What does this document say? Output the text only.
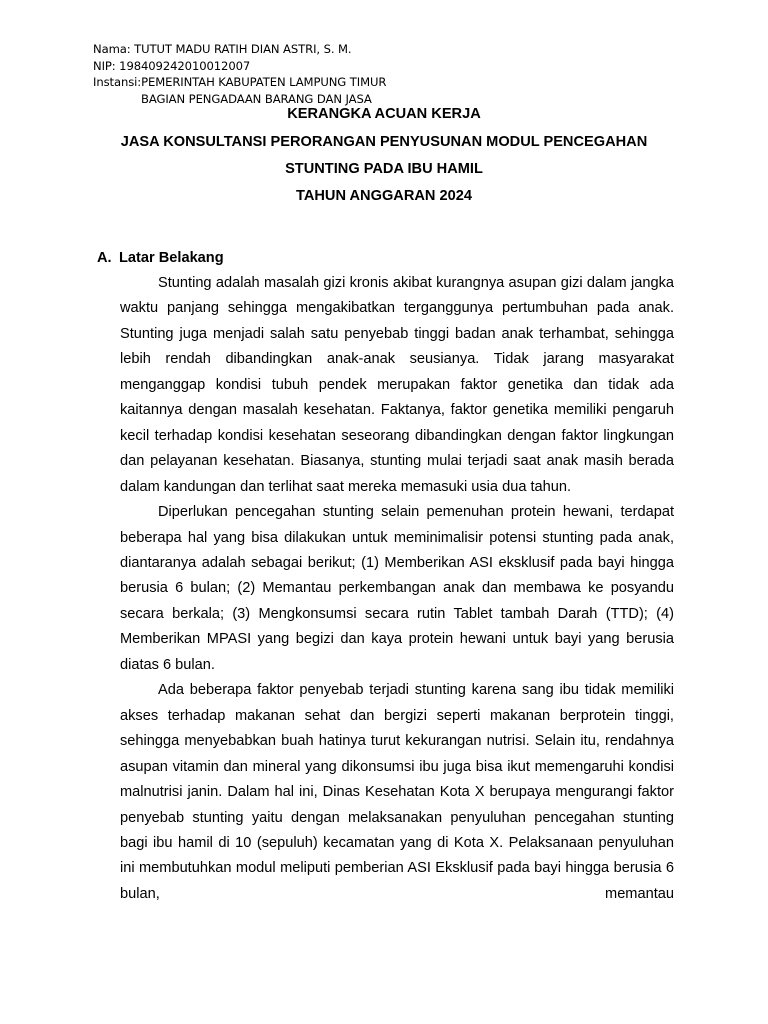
Nama: TUTUT MADU RATIH DIAN ASTRI, S. M.
NIP: 198409242010012007
Instansi:PEMERINTAH KABUPATEN LAMPUNG TIMUR
BAGIAN PENGADAAN BARANG DAN JASA
KERANGKA ACUAN KERJA
JASA KONSULTANSI PERORANGAN PENYUSUNAN MODUL PENCEGAHAN
STUNTING PADA IBU HAMIL
TAHUN ANGGARAN 2024
A. Latar Belakang

Stunting adalah masalah gizi kronis akibat kurangnya asupan gizi dalam jangka waktu panjang sehingga mengakibatkan terganggunya pertumbuhan pada anak. Stunting juga menjadi salah satu penyebab tinggi badan anak terhambat, sehingga lebih rendah dibandingkan anak-anak seusianya. Tidak jarang masyarakat menganggap kondisi tubuh pendek merupakan faktor genetika dan tidak ada kaitannya dengan masalah kesehatan. Faktanya, faktor genetika memiliki pengaruh kecil terhadap kondisi kesehatan seseorang dibandingkan dengan faktor lingkungan dan pelayanan kesehatan. Biasanya, stunting mulai terjadi saat anak masih berada dalam kandungan dan terlihat saat mereka memasuki usia dua tahun.

Diperlukan pencegahan stunting selain pemenuhan protein hewani, terdapat beberapa hal yang bisa dilakukan untuk meminimalisir potensi stunting pada anak, diantaranya adalah sebagai berikut; (1) Memberikan ASI eksklusif pada bayi hingga berusia 6 bulan; (2) Memantau perkembangan anak dan membawa ke posyandu secara berkala; (3) Mengkonsumsi secara rutin Tablet tambah Darah (TTD); (4) Memberikan MPASI yang begizi dan kaya protein hewani untuk bayi yang berusia diatas 6 bulan.

Ada beberapa faktor penyebab terjadi stunting karena sang ibu tidak memiliki akses terhadap makanan sehat dan bergizi seperti makanan berprotein tinggi, sehingga menyebabkan buah hatinya turut kekurangan nutrisi. Selain itu, rendahnya asupan vitamin dan mineral yang dikonsumsi ibu juga bisa ikut memengaruhi kondisi malnutrisi janin. Dalam hal ini, Dinas Kesehatan Kota X berupaya mengurangi faktor penyebab stunting yaitu dengan melaksanakan penyuluhan pencegahan stunting bagi ibu hamil di 10 (sepuluh) kecamatan yang di Kota X. Pelaksanaan penyuluhan ini membutuhkan modul meliputi pemberian ASI Eksklusif pada bayi hingga berusia 6 bulan, memantau
